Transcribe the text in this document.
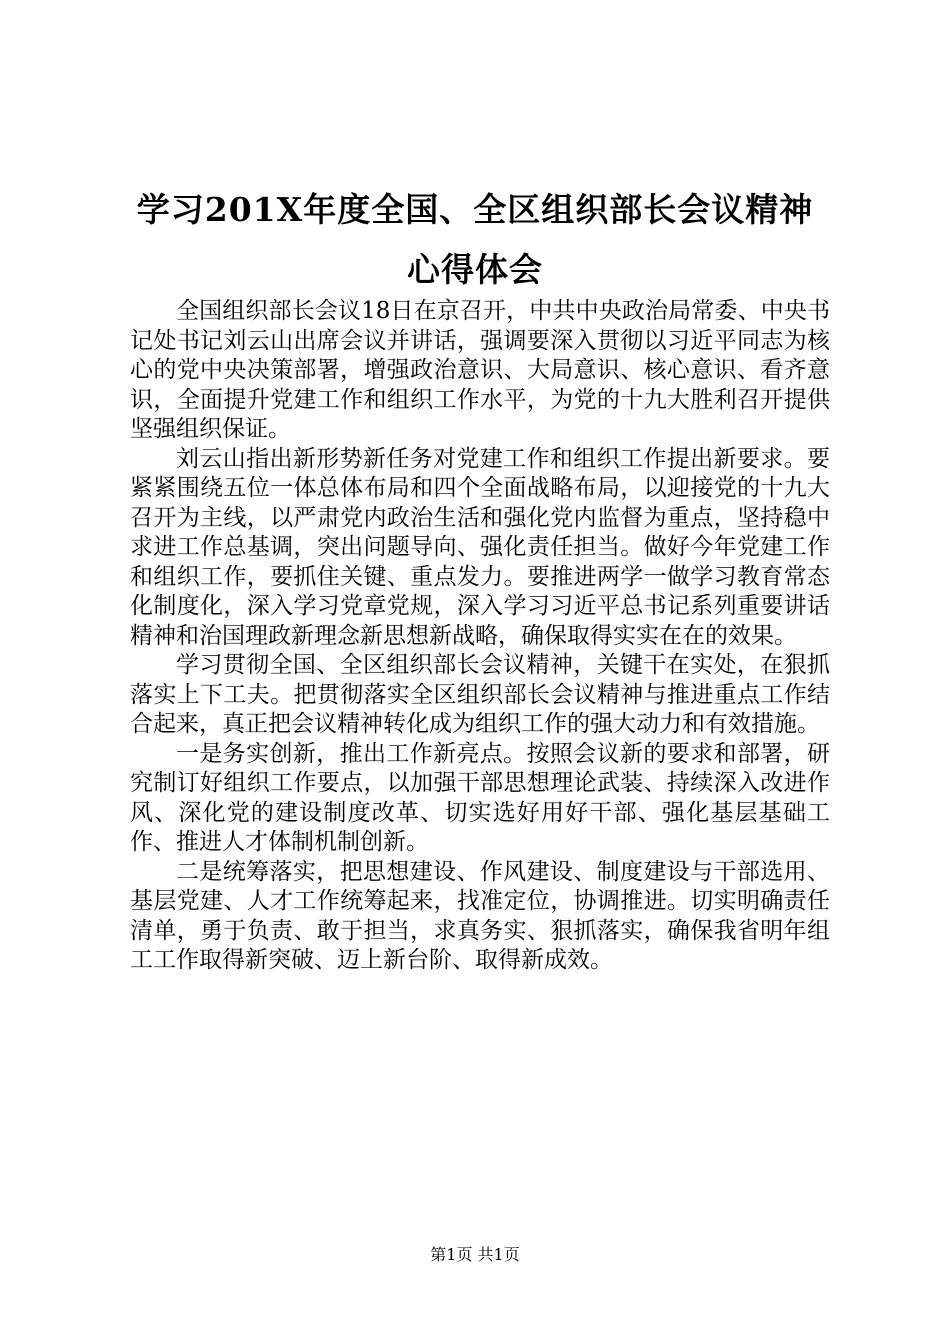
学习201X年度全国、全区组织部长会议精神
心得体会

全国组织部长会议18日在京召开，中共中央政治局常委、中央书记处书记刘云山出席会议并讲话，强调要深入贯彻以习近平同志为核心的党中央决策部署，增强政治意识、大局意识、核心意识、看齐意识，全面提升党建工作和组织工作水平，为党的十九大胜利召开提供坚强组织保证。

刘云山指出新形势新任务对党建工作和组织工作提出新要求。要紧紧围绕五位一体总体布局和四个全面战略布局，以迎接党的十九大召开为主线，以严肃党内政治生活和强化党内监督为重点，坚持稳中求进工作总基调，突出问题导向、强化责任担当。做好今年党建工作和组织工作，要抓住关键、重点发力。要推进两学一做学习教育常态化制度化，深入学习党章党规，深入学习习近平总书记系列重要讲话精神和治国理政新理念新思想新战略，确保取得实实在在的效果。

学习贯彻全国、全区组织部长会议精神，关键干在实处，在狠抓落实上下工夫。把贯彻落实全区组织部长会议精神与推进重点工作结合起来，真正把会议精神转化成为组织工作的强大动力和有效措施。

一是务实创新，推出工作新亮点。按照会议新的要求和部署，研究制订好组织工作要点，以加强干部思想理论武装、持续深入改进作风、深化党的建设制度改革、切实选好用好干部、强化基层基础工作、推进人才体制机制创新。

二是统筹落实，把思想建设、作风建设、制度建设与干部选用、基层党建、人才工作统筹起来，找准定位，协调推进。切实明确责任清单，勇于负责、敢于担当，求真务实、狠抓落实，确保我省明年组工工作取得新突破、迈上新台阶、取得新成效。

第1页 共1页
